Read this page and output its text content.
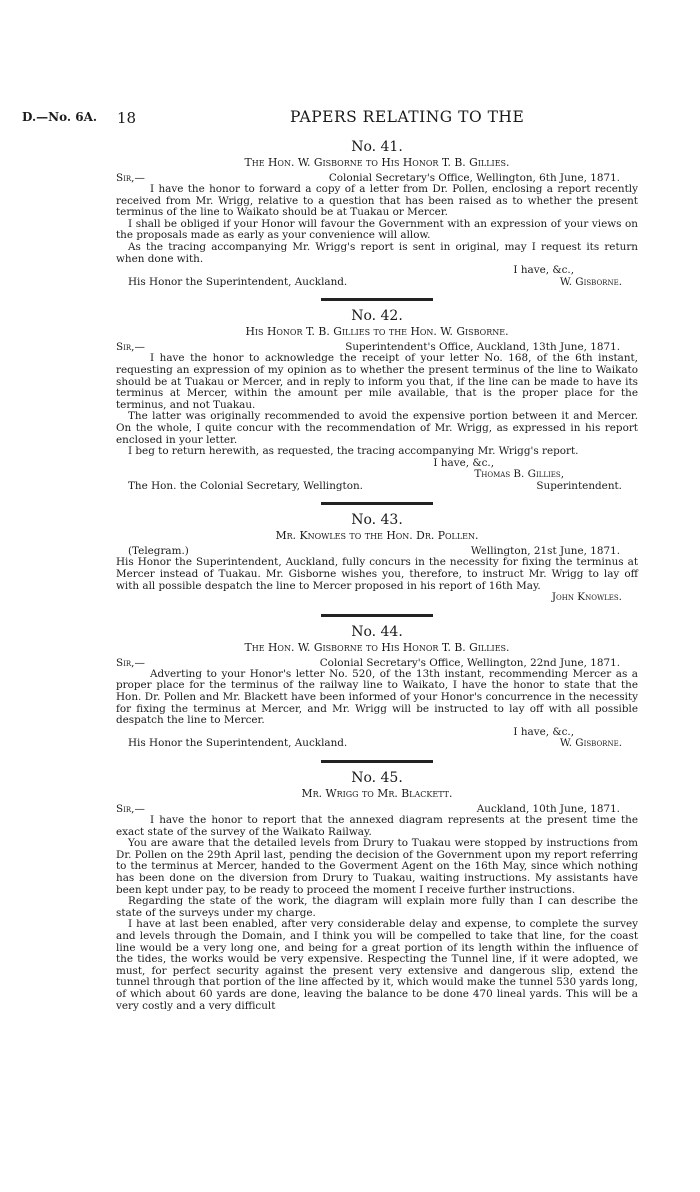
D.—No. 6A. 18	PAPERS RELATING TO THE
No. 41.
The Hon. W. Gisborne to His Honor T. B. Gillies.
Sir,—	Colonial Secretary's Office, Wellington, 6th June, 1871.

I have the honor to forward a copy of a letter from Dr. Pollen, enclosing a report recently received from Mr. Wrigg, relative to a question that has been raised as to whether the present terminus of the line to Waikato should be at Tuakau or Mercer.

I shall be obliged if your Honor will favour the Government with an expression of your views on the proposals made as early as your convenience will allow.

As the tracing accompanying Mr. Wrigg's report is sent in original, may I request its return when done with.

I have, &c.,

His Honor the Superintendent, Auckland.	W. Gisborne.
No. 42.
His Honor T. B. Gillies to the Hon. W. Gisborne.
Sir,—	Superintendent's Office, Auckland, 13th June, 1871.

I have the honor to acknowledge the receipt of your letter No. 168, of the 6th instant, requesting an expression of my opinion as to whether the present terminus of the line to Waikato should be at Tuakau or Mercer, and in reply to inform you that, if the line can be made to have its terminus at Mercer, within the amount per mile available, that is the proper place for the terminus, and not Tuakau.

The latter was originally recommended to avoid the expensive portion between it and Mercer. On the whole, I quite concur with the recommendation of Mr. Wrigg, as expressed in his report enclosed in your letter.

I beg to return herewith, as requested, the tracing accompanying Mr. Wrigg's report.

I have, &c.,

Thomas B. Gillies,

The Hon. the Colonial Secretary, Wellington.	Superintendent.
No. 43.
Mr. Knowles to the Hon. Dr. Pollen.
(Telegram.)	Wellington, 21st June, 1871.

His Honor the Superintendent, Auckland, fully concurs in the necessity for fixing the terminus at Mercer instead of Tuakau. Mr. Gisborne wishes you, therefore, to instruct Mr. Wrigg to lay off with all possible despatch the line to Mercer proposed in his report of 16th May.

John Knowles.

No. 44.
The Hon. W. Gisborne to His Honor T. B. Gillies.
Sir,—	Colonial Secretary's Office, Wellington, 22nd June, 1871.

Adverting to your Honor's letter No. 520, of the 13th instant, recommending Mercer as a proper place for the terminus of the railway line to Waikato, I have the honor to state that the Hon. Dr. Pollen and Mr. Blackett have been informed of your Honor's concurrence in the necessity for fixing the terminus at Mercer, and Mr. Wrigg will be instructed to lay off with all possible despatch the line to Mercer.

I have, &c.,

His Honor the Superintendent, Auckland.	W. Gisborne.
No. 45.
Mr. Wrigg to Mr. Blackett.
Sir,—	Auckland, 10th June, 1871.

I have the honor to report that the annexed diagram represents at the present time the exact state of the survey of the Waikato Railway.

You are aware that the detailed levels from Drury to Tuakau were stopped by instructions from Dr. Pollen on the 29th April last, pending the decision of the Government upon my report referring to the terminus at Mercer, handed to the Goverment Agent on the 16th May, since which nothing has been done on the diversion from Drury to Tuakau, waiting instructions. My assistants have been kept under pay, to be ready to proceed the moment I receive further instructions.

Regarding the state of the work, the diagram will explain more fully than I can describe the state of the surveys under my charge.

I have at last been enabled, after very considerable delay and expense, to complete the survey and levels through the Domain, and I think you will be compelled to take that line, for the coast line would be a very long one, and being for a great portion of its length within the influence of the tides, the works would be very expensive. Respecting the Tunnel line, if it were adopted, we must, for perfect security against the present very extensive and dangerous slip, extend the tunnel through that portion of the line affected by it, which would make the tunnel 530 yards long, of which about 60 yards are done, leaving the balance to be done 470 lineal yards. This will be a very costly and a very difficult
